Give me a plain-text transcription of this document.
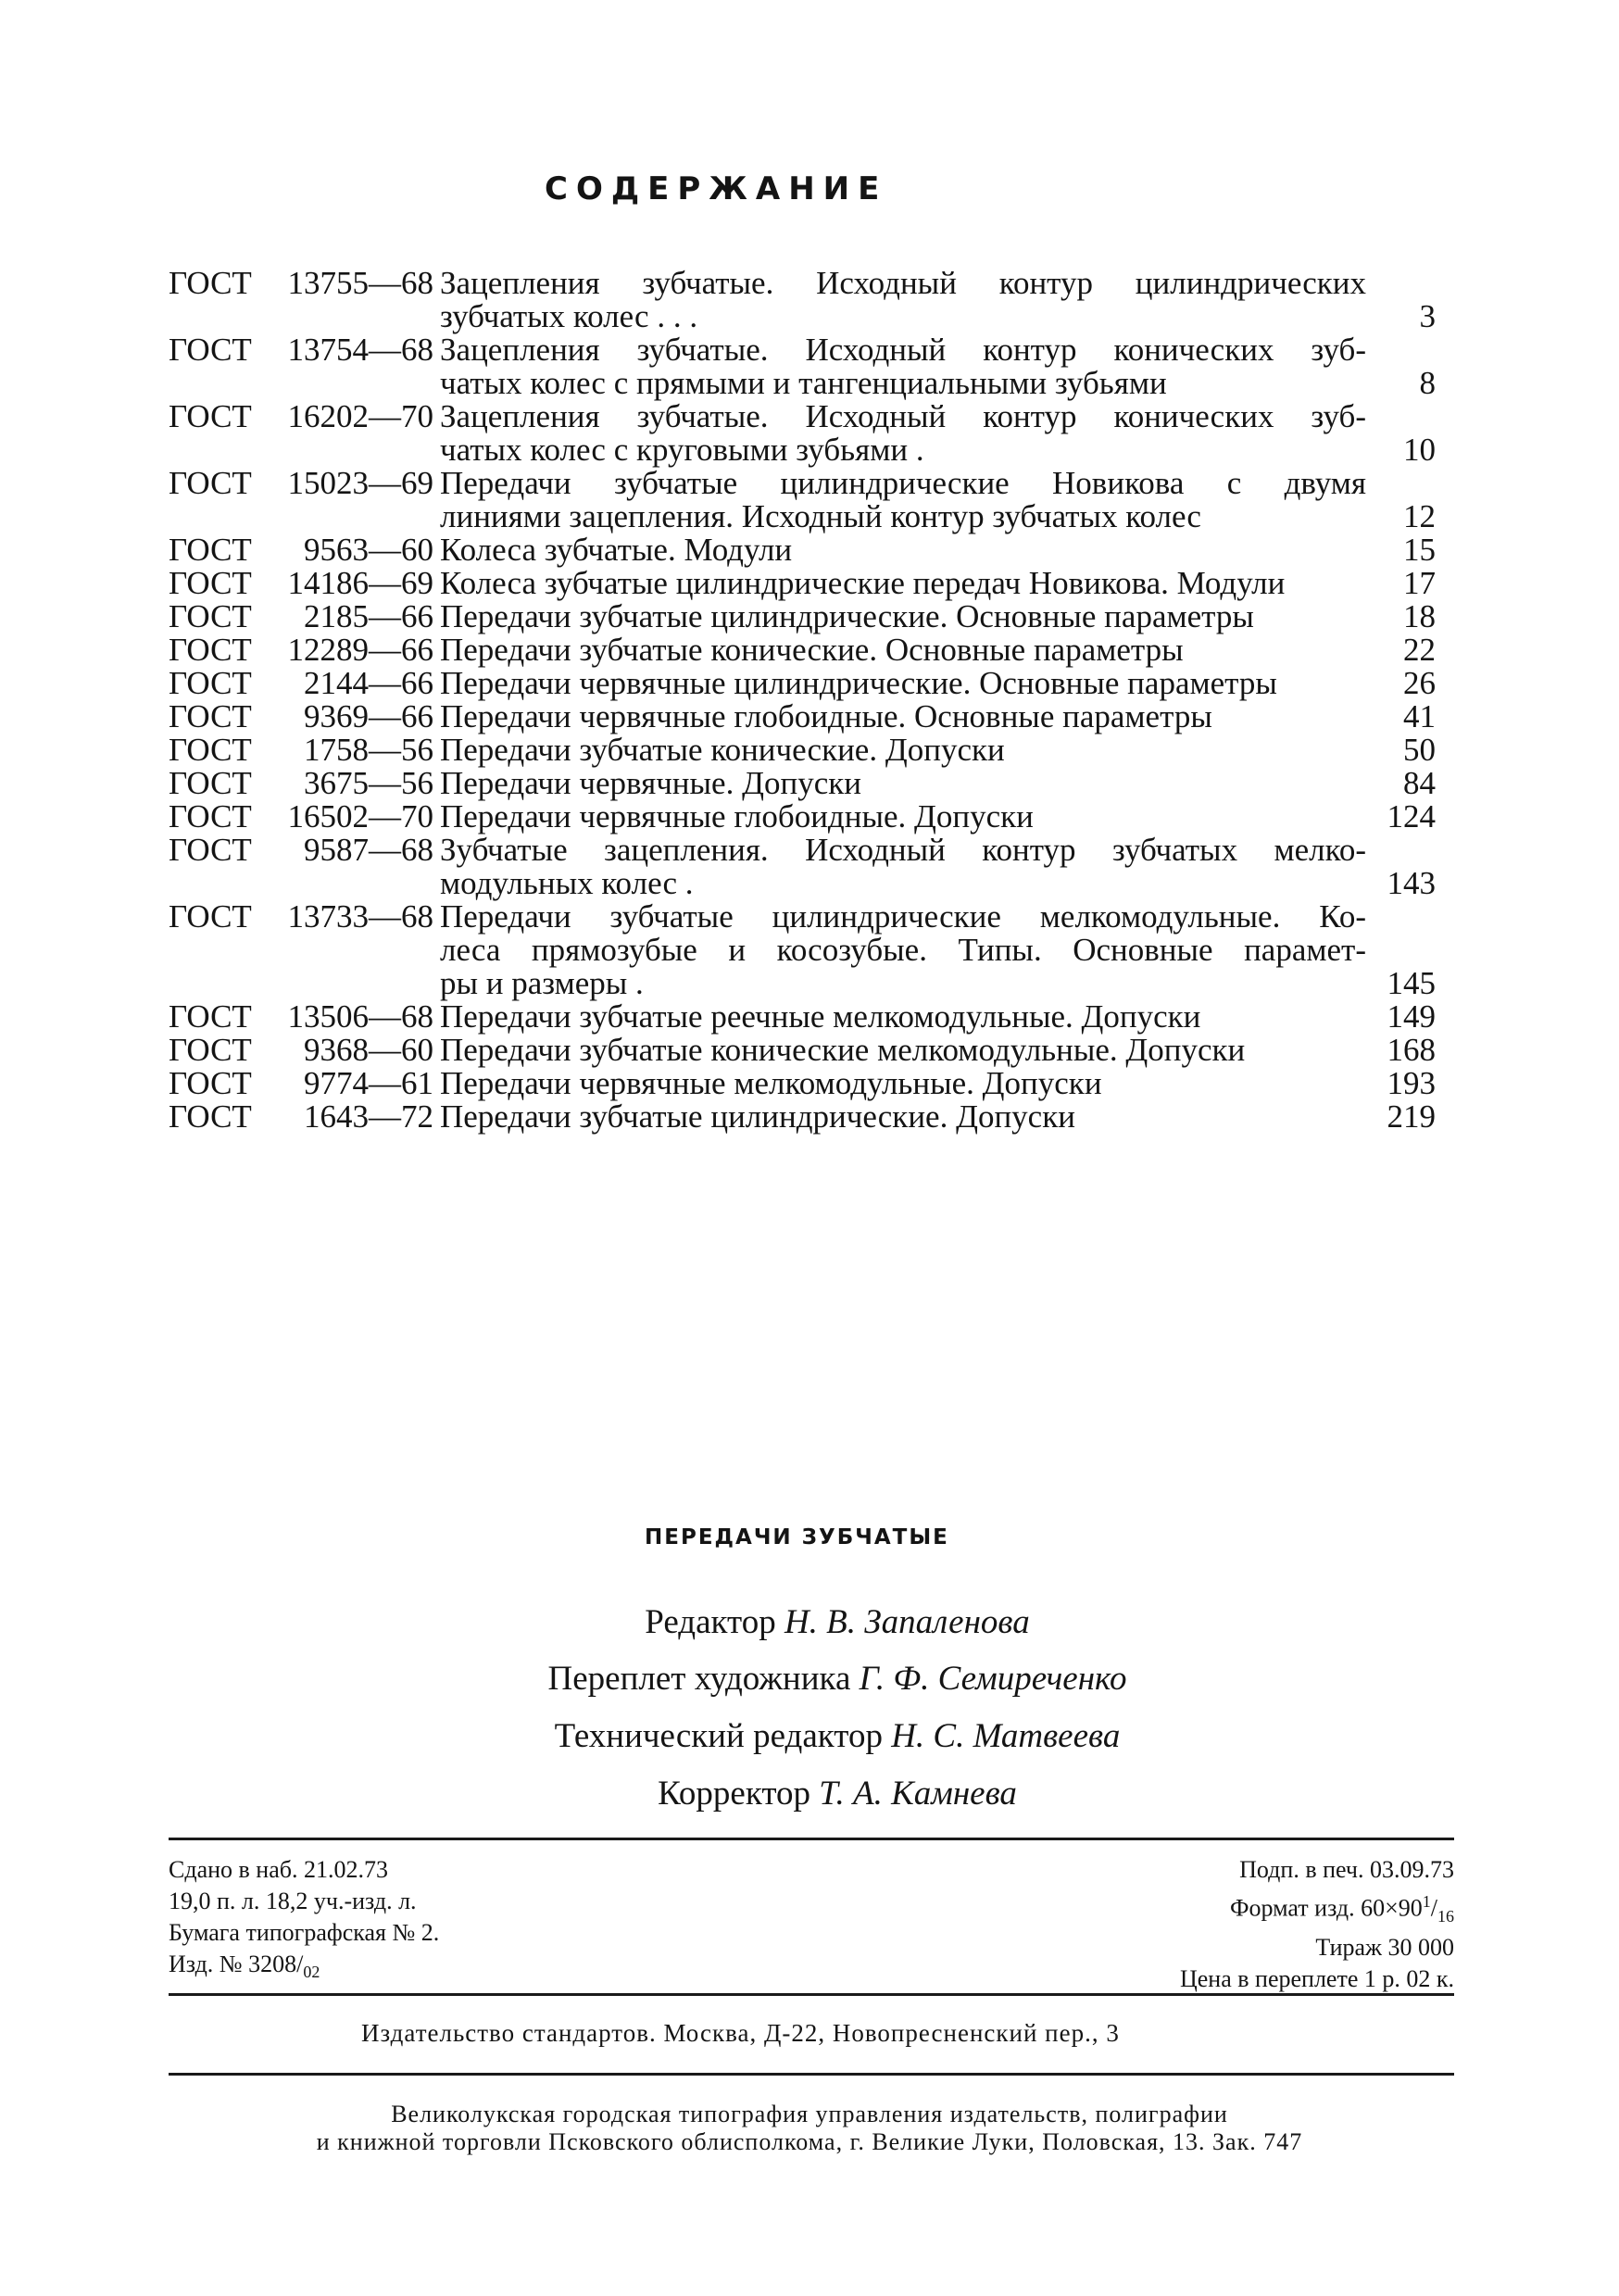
СОДЕРЖАНИЕ
ГОСТ 13755—68 Зацепления зубчатые. Исходный контур цилиндрических
зубчатых колес . . .	3
ГОСТ 13754—68 Зацепления зубчатые. Исходный контур конических зуб-
чатых колес с прямыми и тангенциальными зубьями	8
ГОСТ 16202—70 Зацепления зубчатые. Исходный контур конических зуб-
чатых колес с круговыми зубьями .	10
ГОСТ 15023—69 Передачи зубчатые цилиндрические Новикова с двумя
линиями зацепления. Исходный контур зубчатых колес	12
ГОСТ 9563—60 Колеса зубчатые. Модули	15
ГОСТ 14186—69 Колеса зубчатые цилиндрические передач Новикова. Модули	17
ГОСТ 2185—66 Передачи зубчатые цилиндрические. Основные параметры	18
ГОСТ 12289—66 Передачи зубчатые конические. Основные параметры	22
ГОСТ 2144—66 Передачи червячные цилиндрические. Основные параметры	26
ГОСТ 9369—66 Передачи червячные глобоидные. Основные параметры	41
ГОСТ 1758—56 Передачи зубчатые конические. Допуски	50
ГОСТ 3675—56 Передачи червячные. Допуски	84
ГОСТ 16502—70 Передачи червячные глобоидные. Допуски	124
ГОСТ 9587—68 Зубчатые зацепления. Исходный контур зубчатых мелко-
модульных колес .	143
ГОСТ 13733—68 Передачи зубчатые цилиндрические мелкомодульные. Ко-
леса прямозубые и косозубые. Типы. Основные парамет-
ры и размеры .	145
ГОСТ 13506—68 Передачи зубчатые реечные мелкомодульные. Допуски	149
ГОСТ 9368—60 Передачи зубчатые конические мелкомодульные. Допуски	168
ГОСТ 9774—61 Передачи червячные мелкомодульные. Допуски	193
ГОСТ 1643—72 Передачи зубчатые цилиндрические. Допуски	219
ПЕРЕДАЧИ ЗУБЧАТЫЕ
Редактор Н. В. Запаленова
Переплет художника Г. Ф. Семиреченко
Технический редактор Н. С. Матвеева
Корректор Т. А. Камнева
Сдано в наб. 21.02.73
19,0 п. л. 18,2 уч.-изд. л.
Бумага типографская № 2.
Изд. № $3208/_{02}$
Подп. в печ. 03.09.73
Формат изд. $60\times 90^1/_{16}$
Тираж 30 000
Цена в переплете 1 р. 02 к.
Издательство стандартов. Москва, Д-22, Новопресненский пер., 3
Великолукская городская типография управления издательств, полиграфии
и книжной торговли Псковского облисполкома, г. Великие Луки, Половская, 13. Зак. 747
